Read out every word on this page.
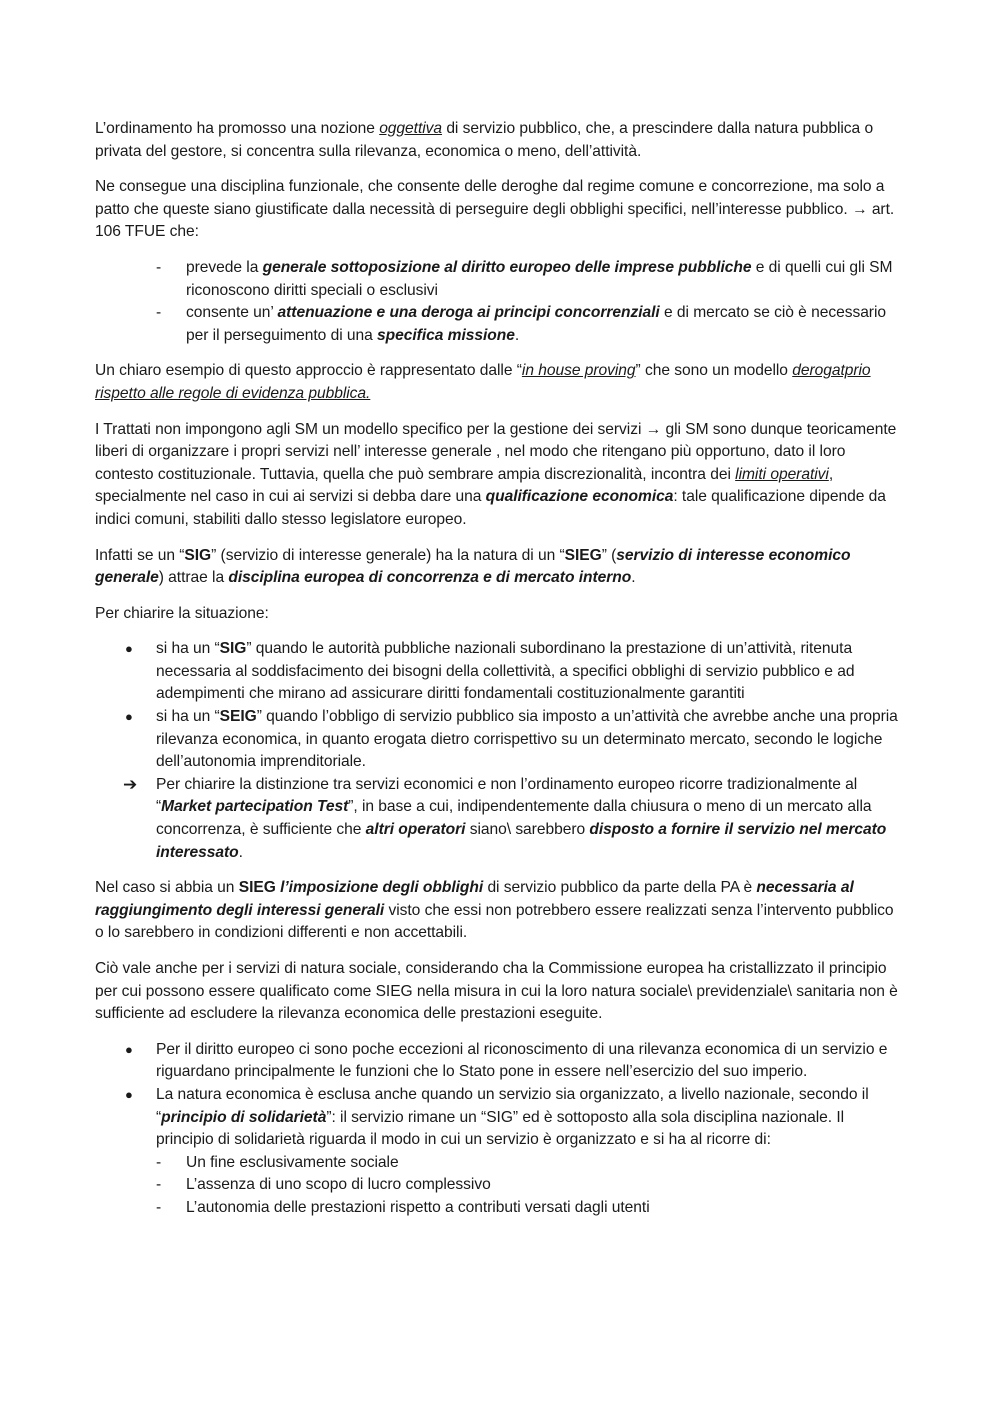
L’ordinamento ha promosso una nozione oggettiva di servizio pubblico, che, a prescindere dalla natura pubblica o privata del gestore, si concentra sulla rilevanza, economica o meno, dell’attività.

Ne consegue una disciplina funzionale, che consente delle deroghe dal regime comune e concorrezione, ma solo a patto che queste siano giustificate dalla necessità di perseguire degli obblighi specifici, nell’interesse pubblico. → art. 106 TFUE che:

- prevede la generale sottoposizione al diritto europeo delle imprese pubbliche e di quelli cui gli SM riconoscono diritti speciali o esclusivi
- consente un’ attenuazione e una deroga ai principi concorrenziali e di mercato se ciò è necessario per il perseguimento di una specifica missione.

Un chiaro esempio di questo approccio è rappresentato dalle “in house proving” che sono un modello derogatprio rispetto alle regole di evidenza pubblica.

I Trattati non impongono agli SM un modello specifico per la gestione dei servizi → gli SM sono dunque teoricamente liberi di organizzare i propri servizi nell’ interesse generale , nel modo che ritengano più opportuno, dato il loro contesto costituzionale. Tuttavia, quella che può sembrare ampia discrezionalità, incontra dei limiti operativi, specialmente nel caso in cui ai servizi si debba dare una qualificazione economica: tale qualificazione dipende da indici comuni, stabiliti dallo stesso legislatore europeo.

Infatti se un “SIG” (servizio di interesse generale) ha la natura di un “SIEG” (servizio di interesse economico generale) attrae la disciplina europea di concorrenza e di mercato interno.

Per chiarire la situazione:

● si ha un “SIG” quando le autorità pubbliche nazionali subordinano la prestazione di un’attività, ritenuta necessaria al soddisfacimento dei bisogni della collettività, a specifici obblighi di servizio pubblico e ad adempimenti che mirano ad assicurare diritti fondamentali costituzionalmente garantiti
● si ha un “SEIG” quando l’obbligo di servizio pubblico sia imposto a un’attività che avrebbe anche una propria rilevanza economica, in quanto erogata dietro corrispettivo su un determinato mercato, secondo le logiche dell’autonomia imprenditoriale.
➔ Per chiarire la distinzione tra servizi economici e non l’ordinamento europeo ricorre tradizionalmente al “Market partecipation Test”, in base a cui, indipendentemente dalla chiusura o meno di un mercato alla concorrenza, è sufficiente che altri operatori siano\ sarebbero disposto a fornire il servizio nel mercato interessato.

Nel caso si abbia un SIEG l’imposizione degli obblighi di servizio pubblico da parte della PA è necessaria al raggiungimento degli interessi generali visto che essi non potrebbero essere realizzati senza l’intervento pubblico o lo sarebbero in condizioni differenti e non accettabili.

Ciò vale anche per i servizi di natura sociale, considerando cha la Commissione europea ha cristallizzato il principio per cui possono essere qualificato come SIEG nella misura in cui la loro natura sociale\ previdenziale\ sanitaria non è sufficiente ad escludere la rilevanza economica delle prestazioni eseguite.

● Per il diritto europeo ci sono poche eccezioni al riconoscimento di una rilevanza economica di un servizio e riguardano principalmente le funzioni che lo Stato pone in essere nell’esercizio del suo imperio.
● La natura economica è esclusa anche quando un servizio sia organizzato, a livello nazionale, secondo il “principio di solidarietà”: il servizio rimane un “SIG” ed è sottoposto alla sola disciplina nazionale. Il principio di solidarietà riguarda il modo in cui un servizio è organizzato e si ha al ricorre di:
- Un fine esclusivamente sociale
- L’assenza di uno scopo di lucro complessivo
- L’autonomia delle prestazioni rispetto a contributi versati dagli utenti
